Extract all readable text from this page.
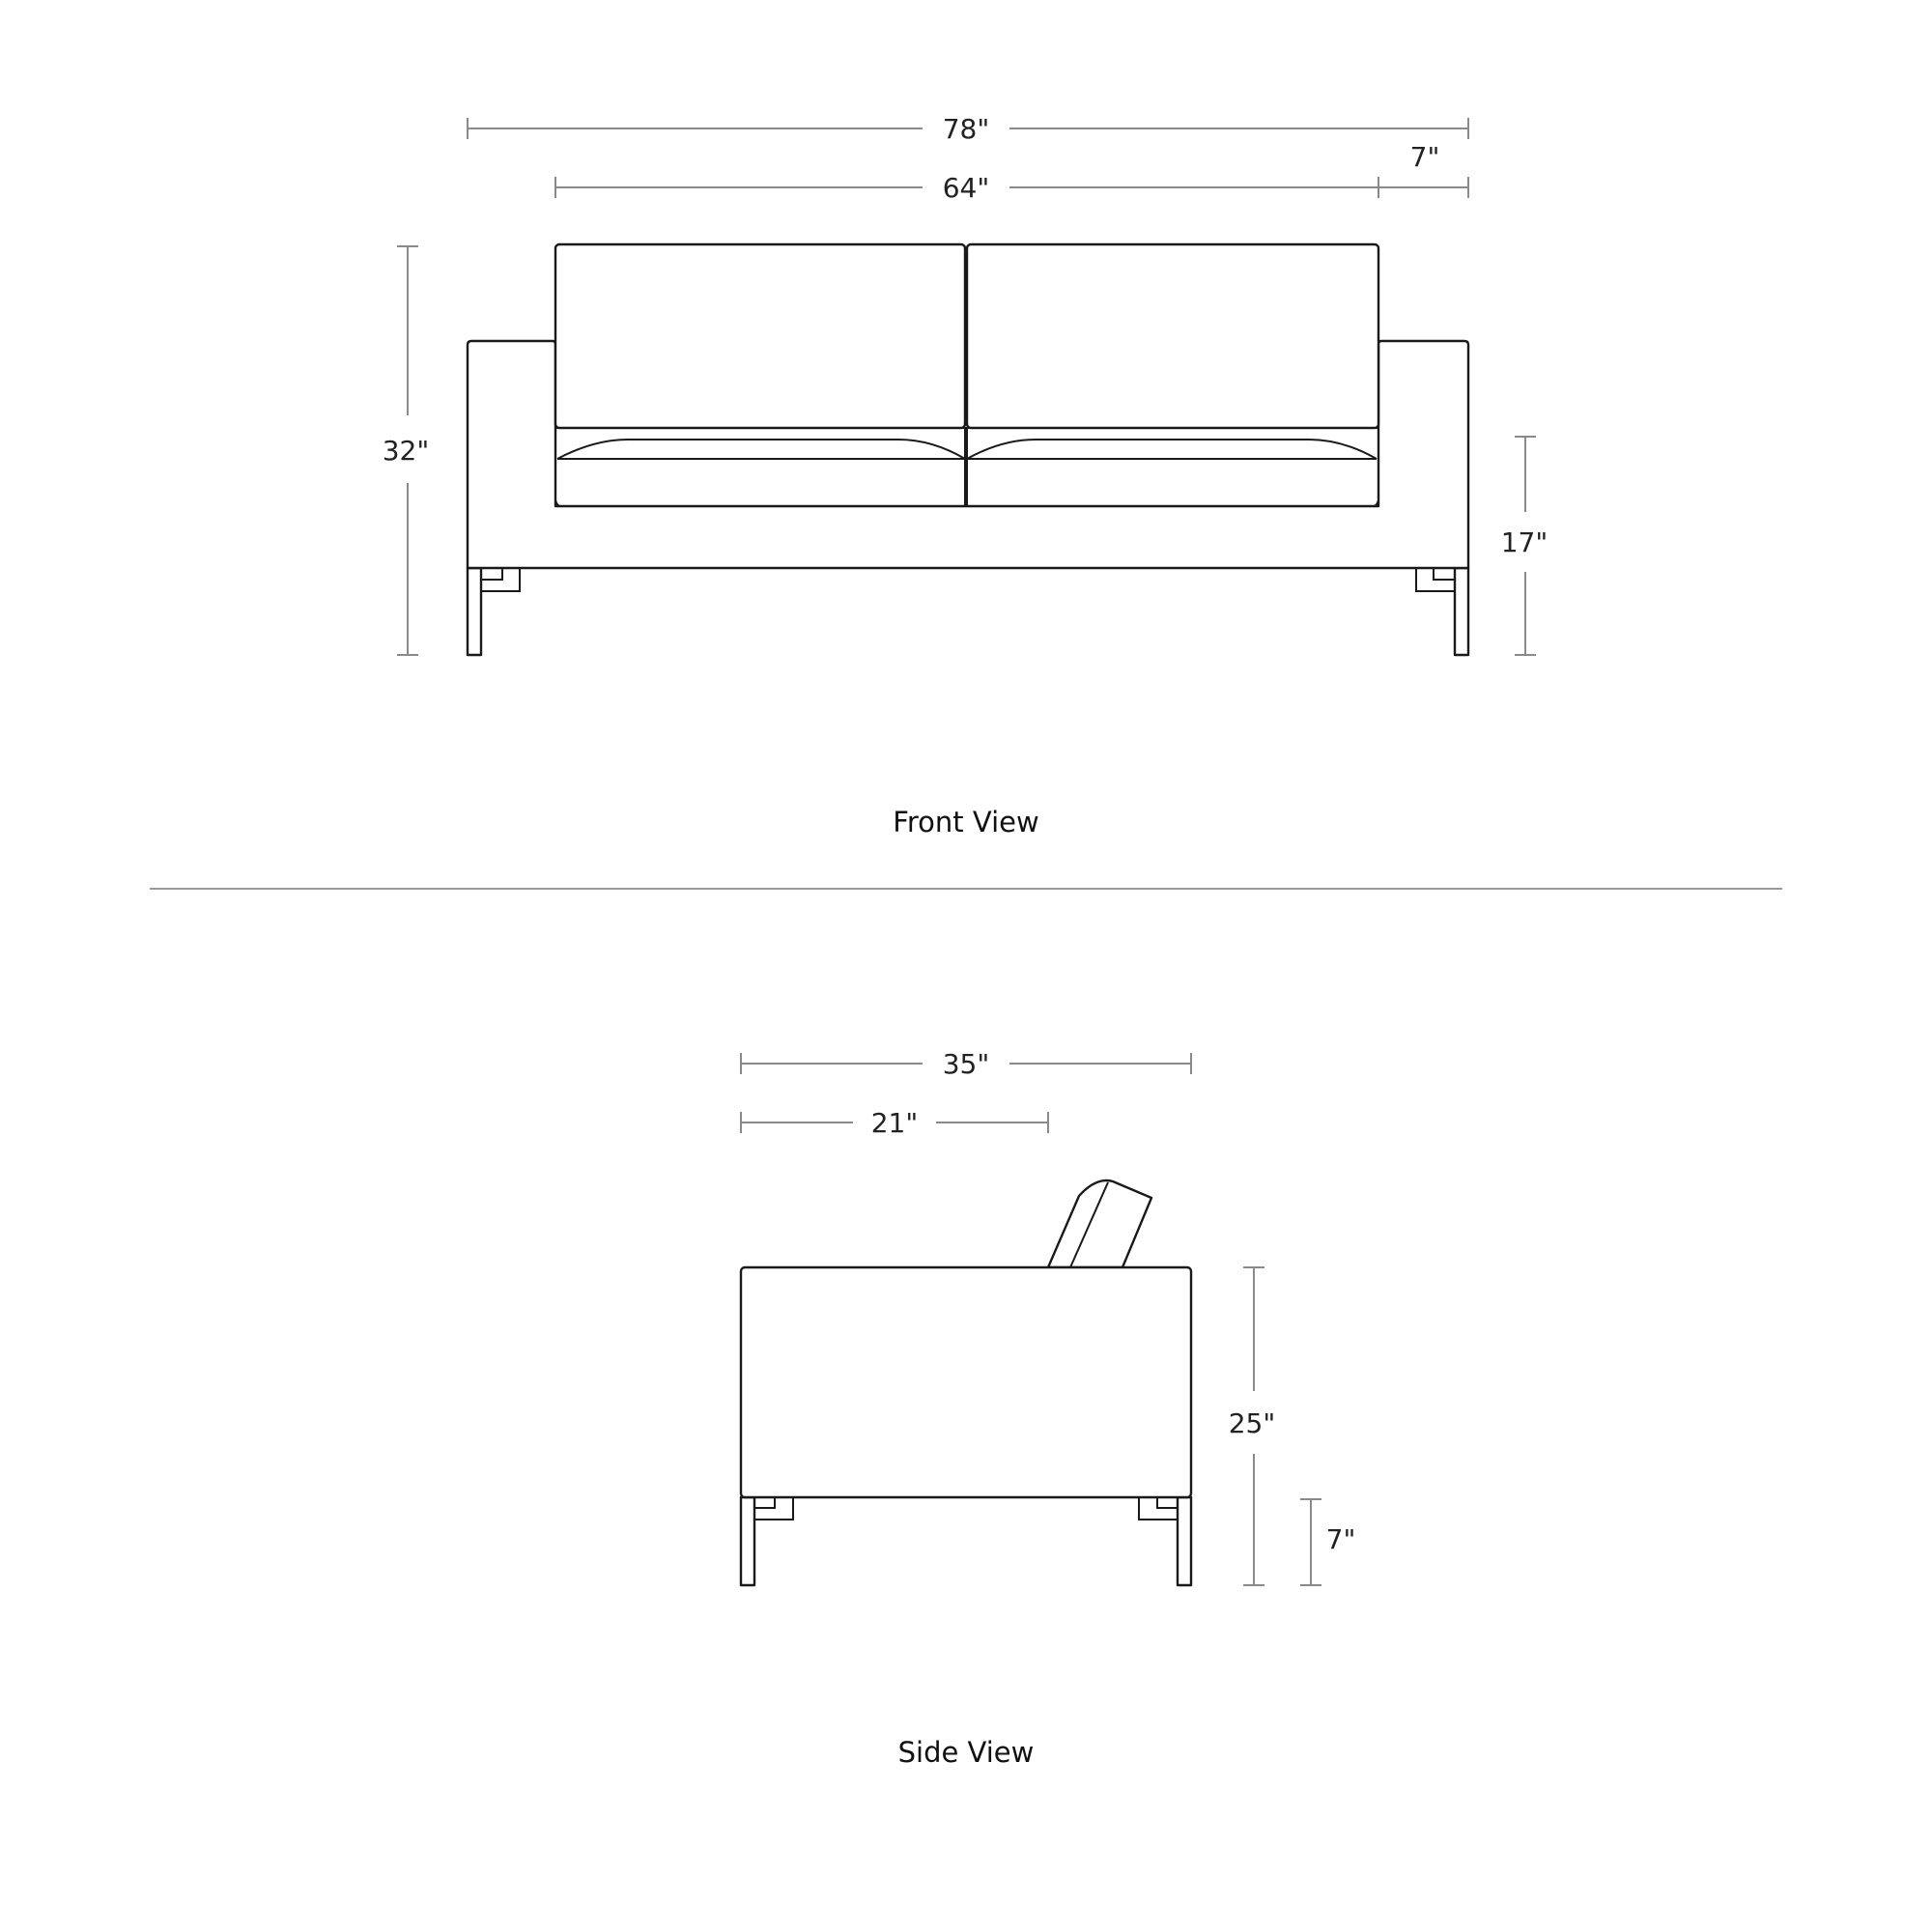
78"
64"
7"
32"
17"
Front View
35"
21"
25"
7"
Side View
